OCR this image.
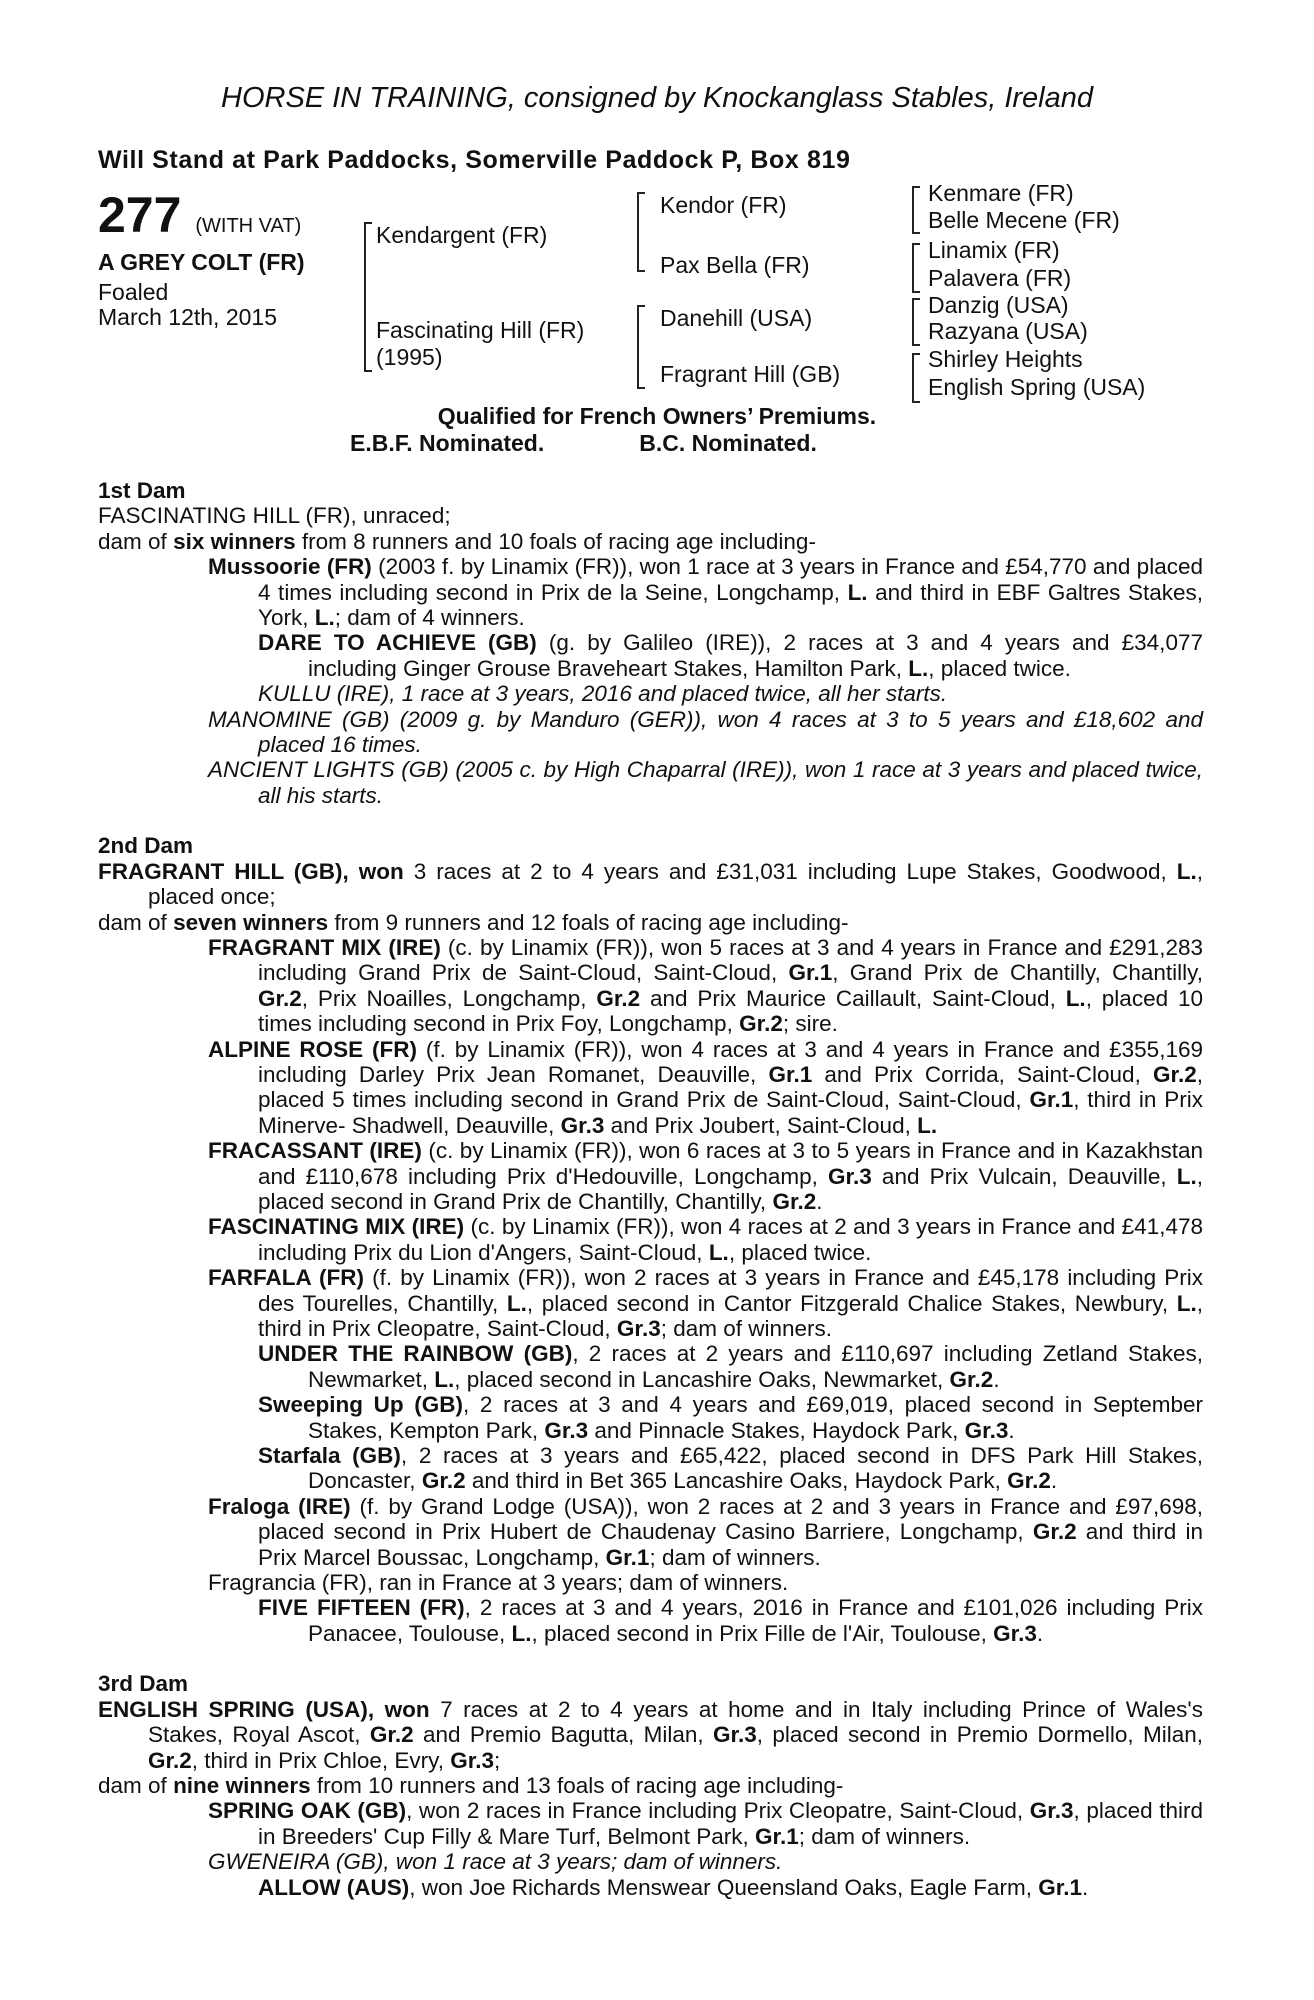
HORSE IN TRAINING, consigned by Knockanglass Stables, Ireland
Will Stand at Park Paddocks, Somerville Paddock P, Box 819
277 (WITH VAT)
A GREY COLT (FR)
Foaled
March 12th, 2015
Kendargent (FR)
Fascinating Hill (FR)
(1995)
Kendor (FR)
Pax Bella (FR)
Danehill (USA)
Fragrant Hill (GB)
Kenmare (FR)
Belle Mecene (FR)
Linamix (FR)
Palavera (FR)
Danzig (USA)
Razyana (USA)
Shirley Heights
English Spring (USA)
Qualified for French Owners’ Premiums.
E.B.F. Nominated.	B.C. Nominated.

1st Dam

FASCINATING HILL (FR), unraced;

dam of six winners from 8 runners and 10 foals of racing age including-

Mussoorie (FR) (2003 f. by Linamix (FR)), won 1 race at 3 years in France and £54,770 and placed 4 times including second in Prix de la Seine, Longchamp, L. and third in EBF Galtres Stakes, York, L.; dam of 4 winners.

DARE TO ACHIEVE (GB) (g. by Galileo (IRE)), 2 races at 3 and 4 years and £34,077 including Ginger Grouse Braveheart Stakes, Hamilton Park, L., placed twice.

KULLU (IRE), 1 race at 3 years, 2016 and placed twice, all her starts.

MANOMINE (GB) (2009 g. by Manduro (GER)), won 4 races at 3 to 5 years and £18,602 and placed 16 times.

ANCIENT LIGHTS (GB) (2005 c. by High Chaparral (IRE)), won 1 race at 3 years and placed twice, all his starts.

2nd Dam

FRAGRANT HILL (GB), won 3 races at 2 to 4 years and £31,031 including Lupe Stakes, Goodwood, L., placed once;

dam of seven winners from 9 runners and 12 foals of racing age including-

FRAGRANT MIX (IRE) (c. by Linamix (FR)), won 5 races at 3 and 4 years in France and £291,283 including Grand Prix de Saint-Cloud, Saint-Cloud, Gr.1, Grand Prix de Chantilly, Chantilly, Gr.2, Prix Noailles, Longchamp, Gr.2 and Prix Maurice Caillault, Saint-Cloud, L., placed 10 times including second in Prix Foy, Longchamp, Gr.2; sire.

ALPINE ROSE (FR) (f. by Linamix (FR)), won 4 races at 3 and 4 years in France and £355,169 including Darley Prix Jean Romanet, Deauville, Gr.1 and Prix Corrida, Saint-Cloud, Gr.2, placed 5 times including second in Grand Prix de Saint-Cloud, Saint-Cloud, Gr.1, third in Prix Minerve- Shadwell, Deauville, Gr.3 and Prix Joubert, Saint-Cloud, L.

FRACASSANT (IRE) (c. by Linamix (FR)), won 6 races at 3 to 5 years in France and in Kazakhstan and £110,678 including Prix d'Hedouville, Longchamp, Gr.3 and Prix Vulcain, Deauville, L., placed second in Grand Prix de Chantilly, Chantilly, Gr.2.

FASCINATING MIX (IRE) (c. by Linamix (FR)), won 4 races at 2 and 3 years in France and £41,478 including Prix du Lion d'Angers, Saint-Cloud, L., placed twice.

FARFALA (FR) (f. by Linamix (FR)), won 2 races at 3 years in France and £45,178 including Prix des Tourelles, Chantilly, L., placed second in Cantor Fitzgerald Chalice Stakes, Newbury, L., third in Prix Cleopatre, Saint-Cloud, Gr.3; dam of winners.

UNDER THE RAINBOW (GB), 2 races at 2 years and £110,697 including Zetland Stakes, Newmarket, L., placed second in Lancashire Oaks, Newmarket, Gr.2.

Sweeping Up (GB), 2 races at 3 and 4 years and £69,019, placed second in September Stakes, Kempton Park, Gr.3 and Pinnacle Stakes, Haydock Park, Gr.3.

Starfala (GB), 2 races at 3 years and £65,422, placed second in DFS Park Hill Stakes, Doncaster, Gr.2 and third in Bet 365 Lancashire Oaks, Haydock Park, Gr.2.

Fraloga (IRE) (f. by Grand Lodge (USA)), won 2 races at 2 and 3 years in France and £97,698, placed second in Prix Hubert de Chaudenay Casino Barriere, Longchamp, Gr.2 and third in Prix Marcel Boussac, Longchamp, Gr.1; dam of winners.

Fragrancia (FR), ran in France at 3 years; dam of winners.

FIVE FIFTEEN (FR), 2 races at 3 and 4 years, 2016 in France and £101,026 including Prix Panacee, Toulouse, L., placed second in Prix Fille de l'Air, Toulouse, Gr.3.

3rd Dam

ENGLISH SPRING (USA), won 7 races at 2 to 4 years at home and in Italy including Prince of Wales's Stakes, Royal Ascot, Gr.2 and Premio Bagutta, Milan, Gr.3, placed second in Premio Dormello, Milan, Gr.2, third in Prix Chloe, Evry, Gr.3;

dam of nine winners from 10 runners and 13 foals of racing age including-

SPRING OAK (GB), won 2 races in France including Prix Cleopatre, Saint-Cloud, Gr.3, placed third in Breeders' Cup Filly & Mare Turf, Belmont Park, Gr.1; dam of winners.

GWENEIRA (GB), won 1 race at 3 years; dam of winners.

ALLOW (AUS), won Joe Richards Menswear Queensland Oaks, Eagle Farm, Gr.1.
